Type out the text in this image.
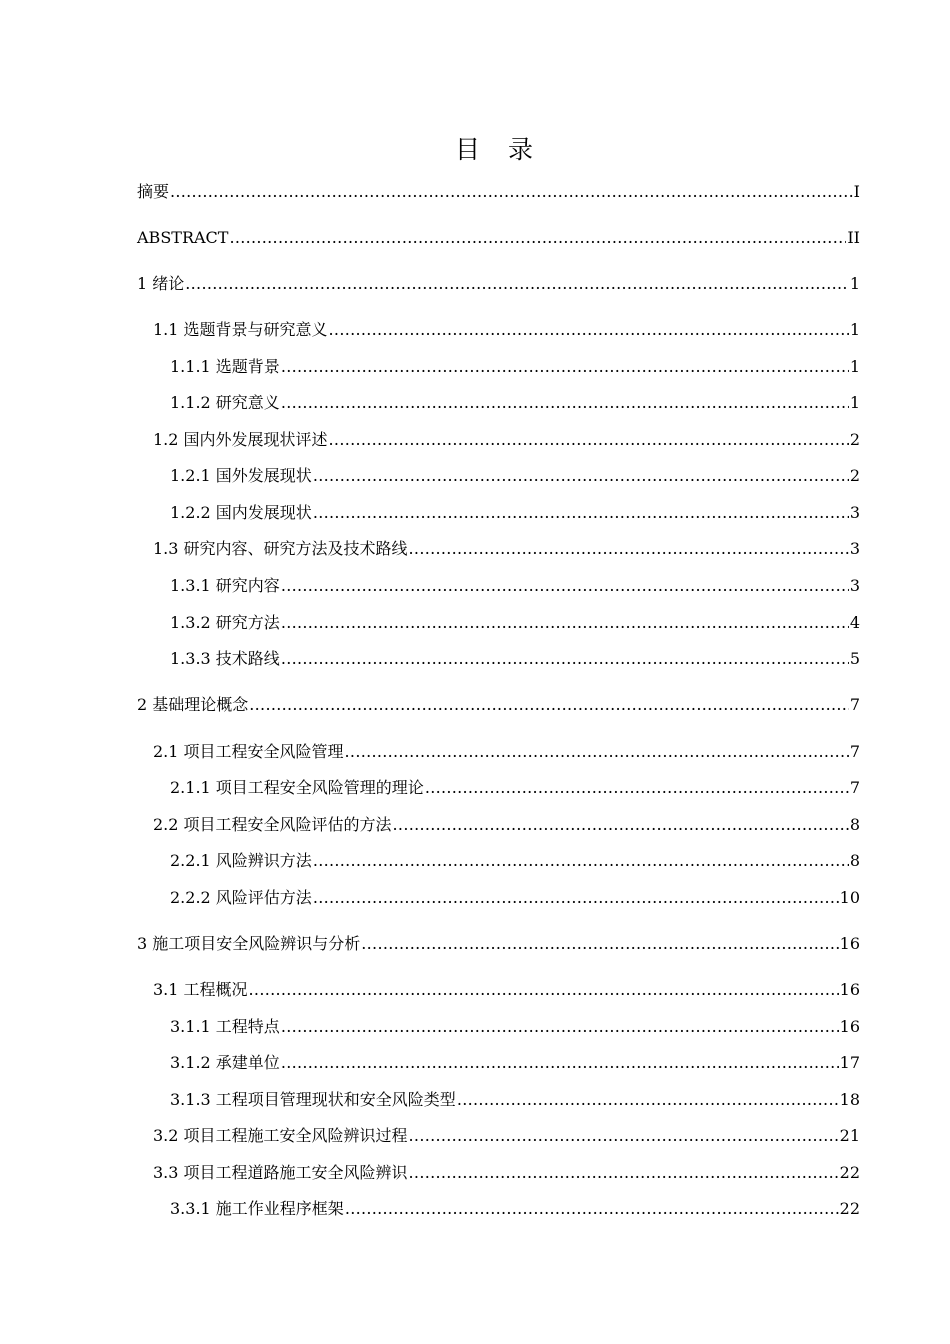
目 录
摘要 .....	I
ABSTRACT .....	II
1 绪论 .....	1
1.1 选题背景与研究意义 .....	1
1.1.1 选题背景 .....	1
1.1.2 研究意义 .....	1
1.2 国内外发展现状评述 .....	2
1.2.1 国外发展现状 .....	2
1.2.2 国内发展现状 .....	3
1.3 研究内容、研究方法及技术路线 .....	3
1.3.1 研究内容 .....	3
1.3.2 研究方法 .....	4
1.3.3 技术路线 .....	5
2 基础理论概念 .....	7
2.1 项目工程安全风险管理 .....	7
2.1.1 项目工程安全风险管理的理论 .....	7
2.2 项目工程安全风险评估的方法 .....	8
2.2.1 风险辨识方法 .....	8
2.2.2 风险评估方法 .....	10
3 施工项目安全风险辨识与分析 .....	16
3.1 工程概况 .....	16
3.1.1 工程特点 .....	16
3.1.2 承建单位 .....	17
3.1.3 工程项目管理现状和安全风险类型 .....	18
3.2 项目工程施工安全风险辨识过程 .....	21
3.3 项目工程道路施工安全风险辨识 .....	22
3.3.1 施工作业程序框架 .....	22
